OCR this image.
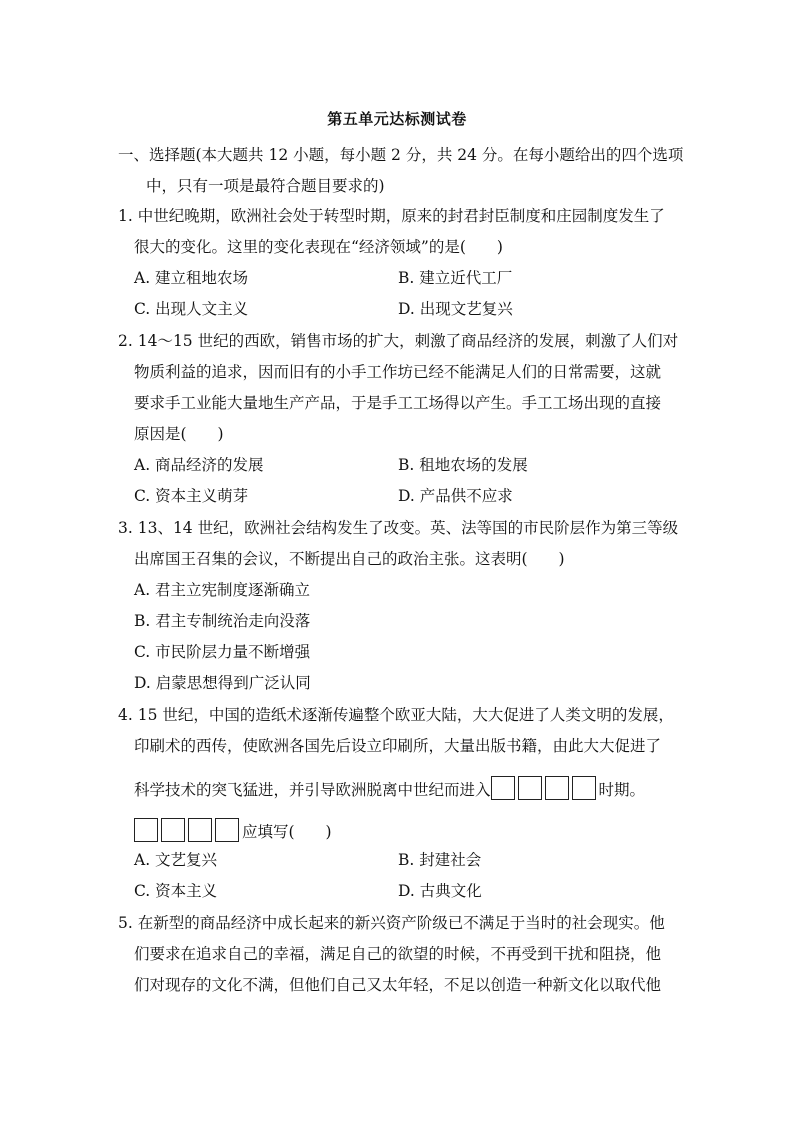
第五单元达标测试卷
一、选择题(本大题共 12 小题，每小题 2 分，共 24 分。在每小题给出的四个选项
中，只有一项是最符合题目要求的)
1. 中世纪晚期，欧洲社会处于转型时期，原来的封君封臣制度和庄园制度发生了
很大的变化。这里的变化表现在“经济领域”的是(　　)
A. 建立租地农场	B. 建立近代工厂
C. 出现人文主义	D. 出现文艺复兴
2. 14～15 世纪的西欧，销售市场的扩大，刺激了商品经济的发展，刺激了人们对
物质利益的追求，因而旧有的小手工作坊已经不能满足人们的日常需要，这就
要求手工业能大量地生产产品，于是手工工场得以产生。手工工场出现的直接
原因是(　　)
A. 商品经济的发展	B. 租地农场的发展
C. 资本主义萌芽	D. 产品供不应求
3. 13、14 世纪，欧洲社会结构发生了改变。英、法等国的市民阶层作为第三等级
出席国王召集的会议，不断提出自己的政治主张。这表明(　　)
A. 君主立宪制度逐渐确立
B. 君主专制统治走向没落
C. 市民阶层力量不断增强
D. 启蒙思想得到广泛认同
4. 15 世纪，中国的造纸术逐渐传遍整个欧亚大陆，大大促进了人类文明的发展，
印刷术的西传，使欧洲各国先后设立印刷所，大量出版书籍，由此大大促进了
科学技术的突飞猛进，并引导欧洲脱离中世纪而进入	时期。
应填写(　　)
A. 文艺复兴	B. 封建社会
C. 资本主义	D. 古典文化
5. 在新型的商品经济中成长起来的新兴资产阶级已不满足于当时的社会现实。他
们要求在追求自己的幸福，满足自己的欲望的时候，不再受到干扰和阻挠，他
们对现存的文化不满，但他们自己又太年轻，不足以创造一种新文化以取代他
